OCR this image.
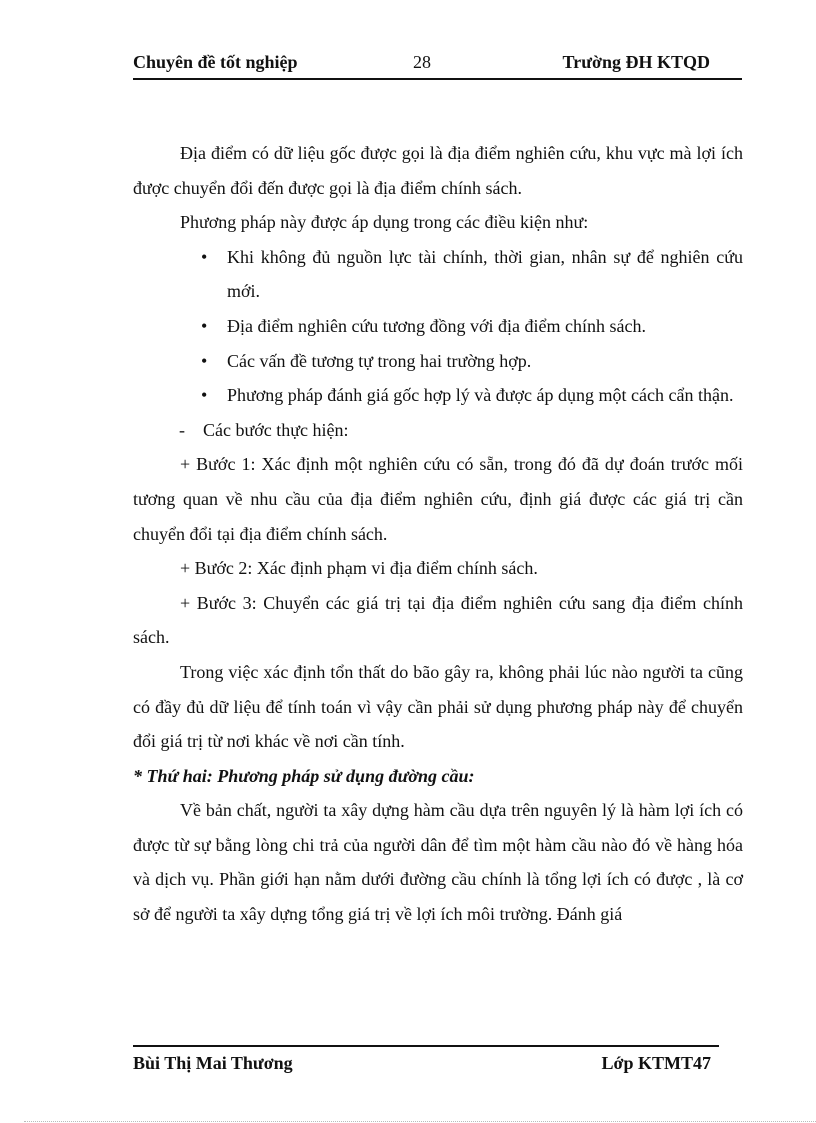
Chuyên đề tốt nghiệp	28	Trường ĐH KTQD

Địa điểm có dữ liệu gốc được gọi là địa điểm nghiên cứu, khu vực mà lợi ích được chuyển đổi đến được gọi là địa điểm chính sách.

Phương pháp này được áp dụng trong các điều kiện như:

• Khi không đủ nguồn lực tài chính, thời gian, nhân sự để nghiên cứu mới.

• Địa điểm nghiên cứu tương đồng với địa điểm chính sách.

• Các vấn đề tương tự trong hai trường hợp.

• Phương pháp đánh giá gốc hợp lý và được áp dụng một cách cẩn thận.

- Các bước thực hiện:

+ Bước 1: Xác định một nghiên cứu có sẵn, trong đó đã dự đoán trước mối tương quan về nhu cầu của địa điểm nghiên cứu, định giá được các giá trị cần chuyển đổi tại địa điểm chính sách.

+ Bước 2: Xác định phạm vi địa điểm chính sách.

+ Bước 3: Chuyển các giá trị tại địa điểm nghiên cứu sang địa điểm chính sách.

Trong việc xác định tổn thất do bão gây ra, không phải lúc nào người ta cũng có đầy đủ dữ liệu để tính toán vì vậy cần phải sử dụng phương pháp này để chuyển đổi giá trị từ nơi khác về nơi cần tính.

* Thứ hai: Phương pháp sử dụng đường cầu:

Về bản chất, người ta xây dựng hàm cầu dựa trên nguyên lý là hàm lợi ích có được từ sự bằng lòng chi trả của người dân để tìm một hàm cầu nào đó về hàng hóa và dịch vụ. Phần giới hạn nằm dưới đường cầu chính là tổng lợi ích có được , là cơ sở để người ta xây dựng tổng giá trị về lợi ích môi trường. Đánh giá

Bùi Thị Mai Thương	Lớp KTMT47
